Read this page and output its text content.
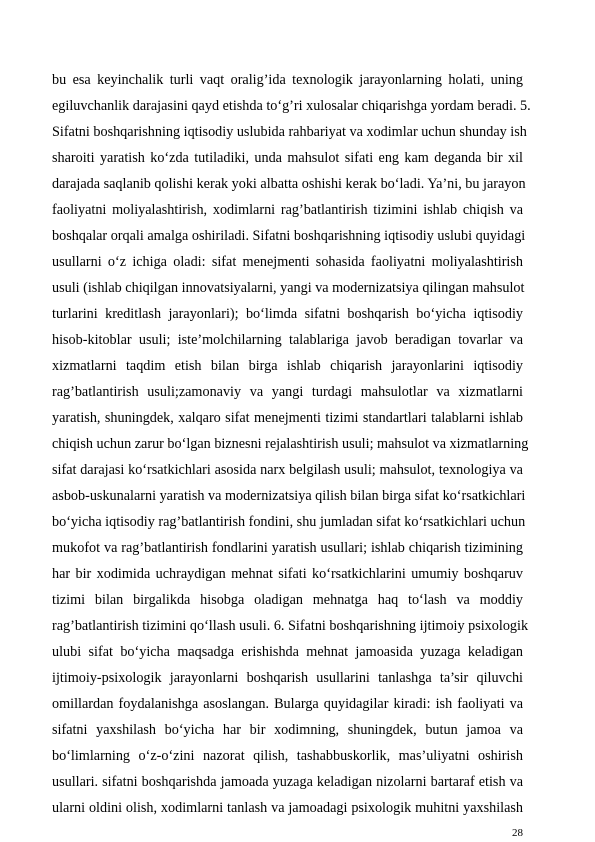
bu esa keyinchalik turli vaqt oralig’ida texnologik jarayonlarning holati, uning
egiluvchanlik darajasini qayd etishda to‘g’ri xulosalar chiqarishga yordam beradi. 5.
Sifatni boshqarishning iqtisodiy uslubida rahbariyat va xodimlar uchun shunday ish
sharoiti yaratish ko‘zda tutiladiki, unda mahsulot sifati eng kam deganda bir xil
darajada saqlanib qolishi kerak yoki albatta oshishi kerak bo‘ladi. Ya’ni, bu jarayon
faoliyatni moliyalashtirish, xodimlarni rag’batlantirish tizimini ishlab chiqish va
boshqalar orqali amalga oshiriladi. Sifatni boshqarishning iqtisodiy uslubi quyidagi
usullarni o‘z ichiga oladi: sifat menejmenti sohasida faoliyatni moliyalashtirish
usuli (ishlab chiqilgan innovatsiyalarni, yangi va modernizatsiya qilingan mahsulot
turlarini kreditlash jarayonlari); bo‘limda sifatni boshqarish bo‘yicha iqtisodiy
hisob-kitoblar usuli; iste’molchilarning talablariga javob beradigan tovarlar va
xizmatlarni taqdim etish bilan birga ishlab chiqarish jarayonlarini iqtisodiy
rag’batlantirish usuli;zamonaviy va yangi turdagi mahsulotlar va xizmatlarni
yaratish, shuningdek, xalqaro sifat menejmenti tizimi standartlari talablarni ishlab
chiqish uchun zarur bo‘lgan biznesni rejalashtirish usuli; mahsulot va xizmatlarning
sifat darajasi ko‘rsatkichlari asosida narx belgilash usuli; mahsulot, texnologiya va
asbob-uskunalarni yaratish va modernizatsiya qilish bilan birga sifat ko‘rsatkichlari
bo‘yicha iqtisodiy rag’batlantirish fondini, shu jumladan sifat ko‘rsatkichlari uchun
mukofot va rag’batlantirish fondlarini yaratish usullari; ishlab chiqarish tizimining
har bir xodimida uchraydigan mehnat sifati ko‘rsatkichlarini umumiy boshqaruv
tizimi bilan birgalikda hisobga oladigan mehnatga haq to‘lash va moddiy
rag’batlantirish tizimini qo‘llash usuli. 6. Sifatni boshqarishning ijtimoiy psixologik
ulubi sifat bo‘yicha maqsadga erishishda mehnat jamoasida yuzaga keladigan
ijtimoiy-psixologik jarayonlarni boshqarish usullarini tanlashga ta’sir qiluvchi
omillardan foydalanishga asoslangan. Bularga quyidagilar kiradi: ish faoliyati va
sifatni yaxshilash bo‘yicha har bir xodimning, shuningdek, butun jamoa va
bo‘limlarning o‘z-o‘zini nazorat qilish, tashabbuskorlik, mas’uliyatni oshirish
usullari. sifatni boshqarishda jamoada yuzaga keladigan nizolarni bartaraf etish va
ularni oldini olish, xodimlarni tanlash va jamoadagi psixologik muhitni yaxshilash
28
